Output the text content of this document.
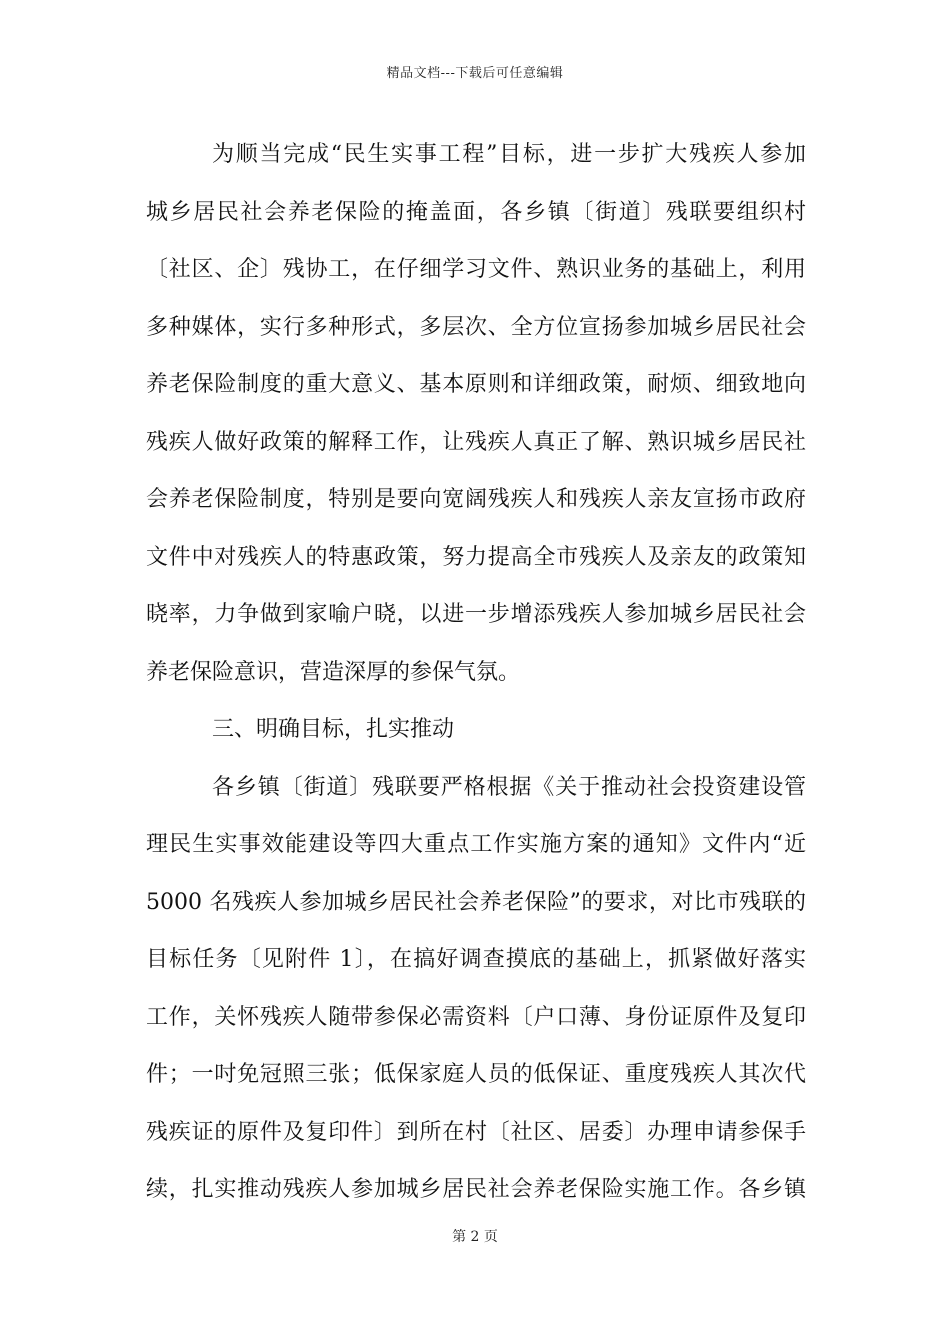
精品文档---下载后可任意编辑
为顺当完成“民生实事工程”目标，进一步扩大残疾人参加
城乡居民社会养老保险的掩盖面，各乡镇〔街道〕残联要组织村
〔社区、企〕残协工，在仔细学习文件、熟识业务的基础上，利用
多种媒体，实行多种形式，多层次、全方位宣扬参加城乡居民社会
养老保险制度的重大意义、基本原则和详细政策，耐烦、细致地向
残疾人做好政策的解释工作，让残疾人真正了解、熟识城乡居民社
会养老保险制度，特别是要向宽阔残疾人和残疾人亲友宣扬市政府
文件中对残疾人的特惠政策，努力提高全市残疾人及亲友的政策知
晓率，力争做到家喻户晓，以进一步增添残疾人参加城乡居民社会
养老保险意识，营造深厚的参保气氛。
三、明确目标，扎实推动
各乡镇〔街道〕残联要严格根据《关于推动社会投资建设管
理民生实事效能建设等四大重点工作实施方案的通知》文件内“近
5000 名残疾人参加城乡居民社会养老保险”的要求，对比市残联的
目标任务〔见附件 1〕，在搞好调查摸底的基础上，抓紧做好落实
工作，关怀残疾人随带参保必需资料〔户口薄、身份证原件及复印
件；一吋免冠照三张；低保家庭人员的低保证、重度残疾人其次代
残疾证的原件及复印件〕到所在村〔社区、居委〕办理申请参保手
续，扎实推动残疾人参加城乡居民社会养老保险实施工作。各乡镇
第 2 页
